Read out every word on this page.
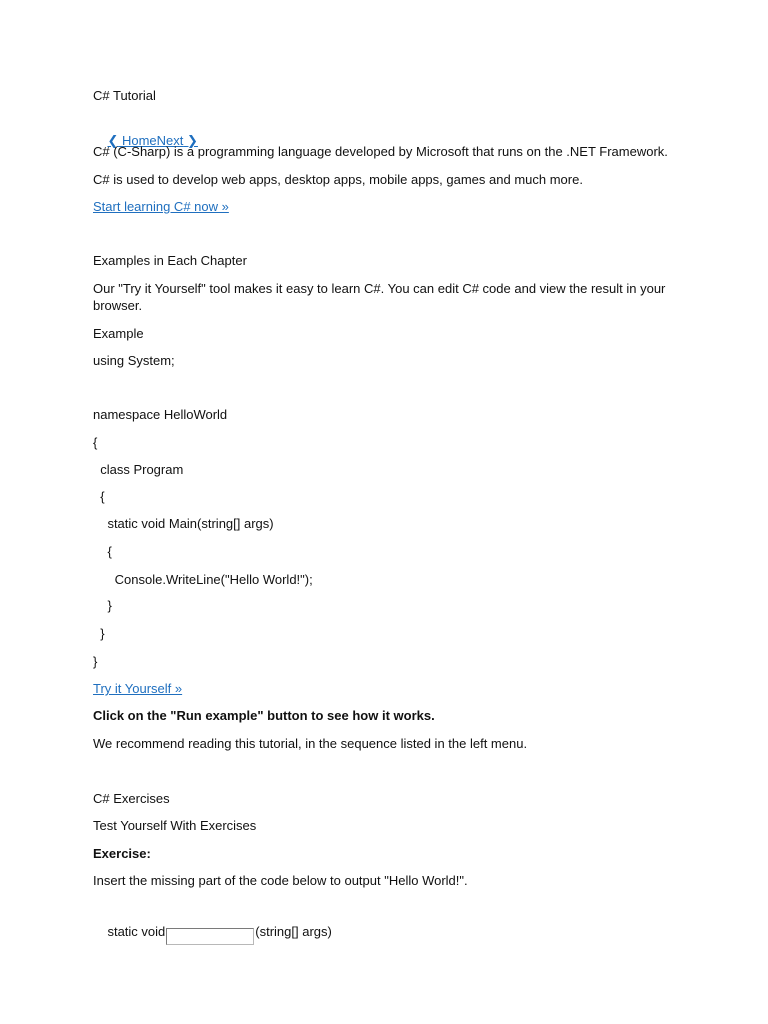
C# Tutorial

❮ HomeNext ❯

C# (C-Sharp) is a programming language developed by Microsoft that runs on the .NET Framework.
C# is used to develop web apps, desktop apps, mobile apps, games and much more.
Start learning C# now »
Examples in Each Chapter
Our "Try it Yourself" tool makes it easy to learn C#. You can edit C# code and view the result in your browser.
Example
using System;
namespace HelloWorld
{
class Program
{
static void Main(string[] args)
{
Console.WriteLine("Hello World!");
}
}
}
Try it Yourself »
Click on the "Run example" button to see how it works.
We recommend reading this tutorial, in the sequence listed in the left menu.
C# Exercises
Test Yourself With Exercises
Exercise:
Insert the missing part of the code below to output "Hello World!".

static void	(string[] args)
